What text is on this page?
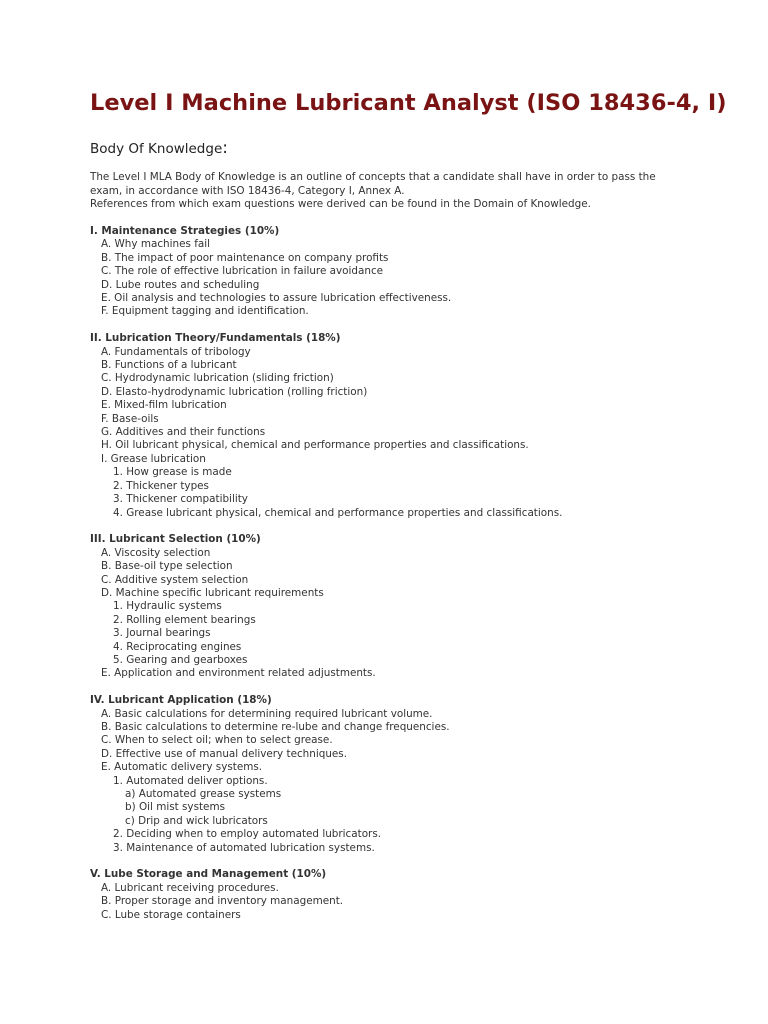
Level I Machine Lubricant Analyst (ISO 18436-4, I)
Body Of Knowledge:
The Level I MLA Body of Knowledge is an outline of concepts that a candidate shall have in order to pass the
exam, in accordance with ISO 18436-4, Category I, Annex A.
References from which exam questions were derived can be found in the Domain of Knowledge.
I. Maintenance Strategies (10%)
A. Why machines fail
B. The impact of poor maintenance on company profits
C. The role of effective lubrication in failure avoidance
D. Lube routes and scheduling
E. Oil analysis and technologies to assure lubrication effectiveness.
F. Equipment tagging and identification.
II. Lubrication Theory/Fundamentals (18%)
A. Fundamentals of tribology
B. Functions of a lubricant
C. Hydrodynamic lubrication (sliding friction)
D. Elasto-hydrodynamic lubrication (rolling friction)
E. Mixed-film lubrication
F. Base-oils
G. Additives and their functions
H. Oil lubricant physical, chemical and performance properties and classifications.
I. Grease lubrication
1. How grease is made
2. Thickener types
3. Thickener compatibility
4. Grease lubricant physical, chemical and performance properties and classifications.
III. Lubricant Selection (10%)
A. Viscosity selection
B. Base-oil type selection
C. Additive system selection
D. Machine specific lubricant requirements
1. Hydraulic systems
2. Rolling element bearings
3. Journal bearings
4. Reciprocating engines
5. Gearing and gearboxes
E. Application and environment related adjustments.
IV. Lubricant Application (18%)
A. Basic calculations for determining required lubricant volume.
B. Basic calculations to determine re-lube and change frequencies.
C. When to select oil; when to select grease.
D. Effective use of manual delivery techniques.
E. Automatic delivery systems.
1. Automated deliver options.
a) Automated grease systems
b) Oil mist systems
c) Drip and wick lubricators
2. Deciding when to employ automated lubricators.
3. Maintenance of automated lubrication systems.
V. Lube Storage and Management (10%)
A. Lubricant receiving procedures.
B. Proper storage and inventory management.
C. Lube storage containers
